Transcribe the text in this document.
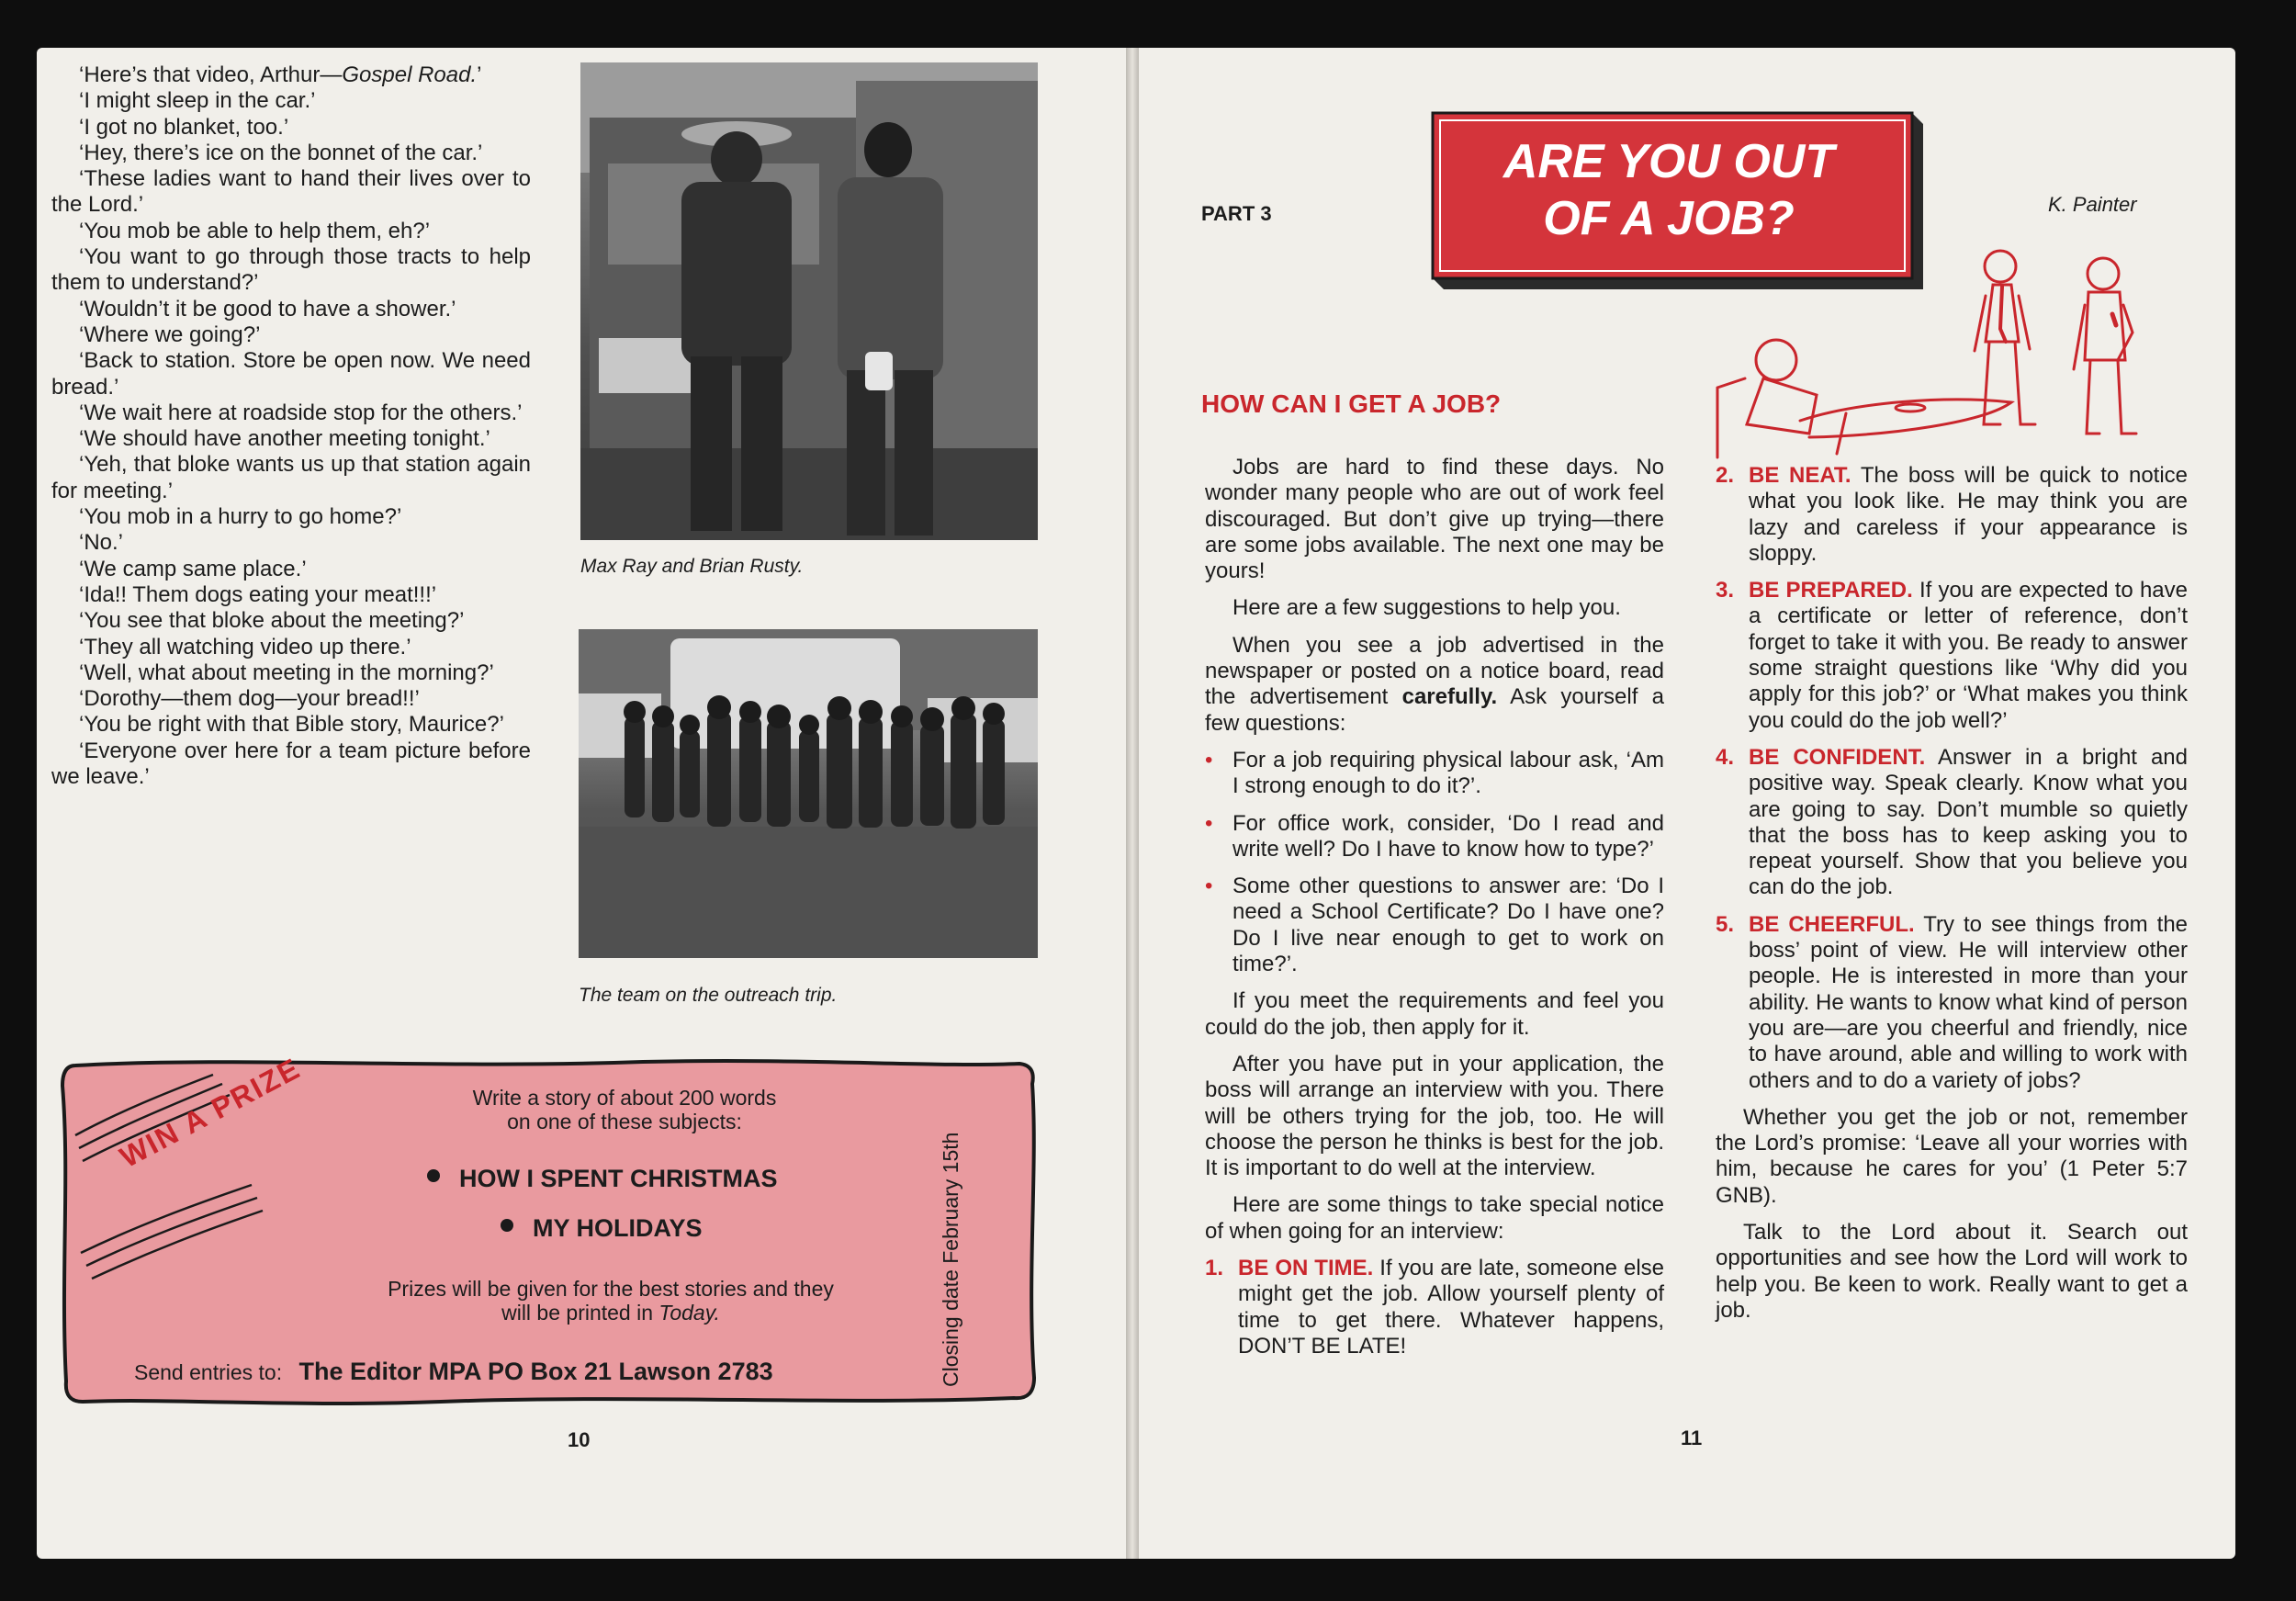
‘Here’s that video, Arthur—Gospel Road.’

‘I might sleep in the car.’

‘I got no blanket, too.’

‘Hey, there’s ice on the bonnet of the car.’

‘These ladies want to hand their lives over to the Lord.’

‘You mob be able to help them, eh?’

‘You want to go through those tracts to help them to understand?’

‘Wouldn’t it be good to have a shower.’

‘Where we going?’

‘Back to station. Store be open now. We need bread.’

‘We wait here at roadside stop for the others.’

‘We should have another meeting tonight.’

‘Yeh, that bloke wants us up that station again for meeting.’

‘You mob in a hurry to go home?’

‘No.’

‘We camp same place.’

‘Ida!! Them dogs eating your meat!!!’

‘You see that bloke about the meeting?’

‘They all watching video up there.’

‘Well, what about meeting in the morning?’

‘Dorothy—them dog—your bread!!’

‘You be right with that Bible story, Maurice?’

‘Everyone over here for a team picture before we leave.’

Max Ray and Brian Rusty.
The team on the outreach trip.
WIN A PRIZE	Write a story of about 200 words
on one of these subjects:
HOW I SPENT CHRISTMAS
MY HOLIDAYS
Prizes will be given for the best stories and they
will be printed in Today.
Send entries to: The Editor MPA PO Box 21 Lawson 2783	Closing date February 15th
10
PART 3
ARE YOU OUT
OF A JOB?	K. Painter
HOW CAN I GET A JOB?

Jobs are hard to find these days. No wonder many people who are out of work feel discouraged. But don’t give up trying—there are some jobs available. The next one may be yours!

Here are a few suggestions to help you.

When you see a job advertised in the newspaper or posted on a notice board, read the advertisement carefully. Ask yourself a few questions:

• For a job requiring physical labour ask, ‘Am I strong enough to do it?’.

• For office work, consider, ‘Do I read and write well? Do I have to know how to type?’

• Some other questions to answer are: ‘Do I need a School Certificate? Do I have one? Do I live near enough to get to work on time?’.

If you meet the requirements and feel you could do the job, then apply for it.

After you have put in your application, the boss will arrange an interview with you. There will be others trying for the job, too. He will choose the person he thinks is best for the job. It is important to do well at the interview.

Here are some things to take special notice of when going for an interview:

1. BE ON TIME. If you are late, someone else might get the job. Allow yourself plenty of time to get there. Whatever happens, DON’T BE LATE!

2. BE NEAT. The boss will be quick to notice what you look like. He may think you are lazy and careless if your appearance is sloppy.

3. BE PREPARED. If you are expected to have a certificate or letter of reference, don’t forget to take it with you. Be ready to answer some straight questions like ‘Why did you apply for this job?’ or ‘What makes you think you could do the job well?’

4. BE CONFIDENT. Answer in a bright and positive way. Speak clearly. Know what you are going to say. Don’t mumble so quietly that the boss has to keep asking you to repeat yourself. Show that you believe you can do the job.

5. BE CHEERFUL. Try to see things from the boss’ point of view. He will interview other people. He is interested in more than your ability. He wants to know what kind of person you are—are you cheerful and friendly, nice to have around, able and willing to work with others and to do a variety of jobs?

Whether you get the job or not, remember the Lord’s promise: ‘Leave all your worries with him, because he cares for you’ (1 Peter 5:7 GNB).

Talk to the Lord about it. Search out opportunities and see how the Lord will work to help you. Be keen to work. Really want to get a job.

11
